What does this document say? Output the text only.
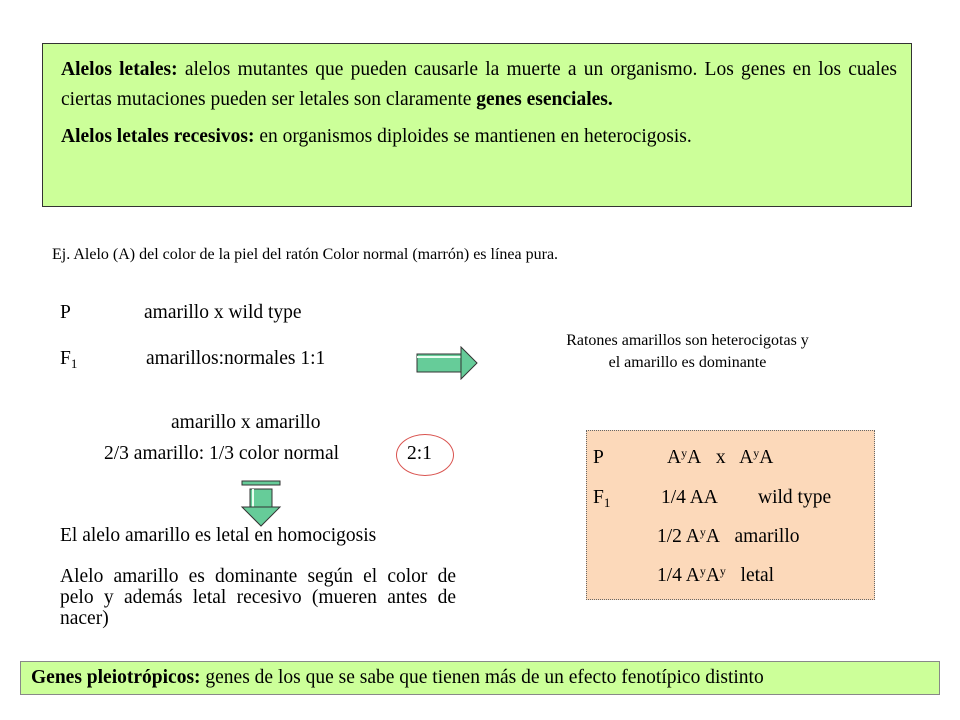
Alelos letales: alelos mutantes que pueden causarle la muerte a un organismo. Los genes en los cuales ciertas mutaciones pueden ser letales son claramente genes esenciales.

Alelos letales recesivos: en organismos diploides se mantienen en heterocigosis.

Ej. Alelo (A) del color de la piel del ratón Color normal (marrón) es línea pura.
P	amarillo x wild type
$F_1$	amarillos:normales 1:1
Ratones amarillos son heterocigotas y
el amarillo es dominante
amarillo x amarillo
2/3 amarillo: 1/3 color normal	2:1
El alelo amarillo es letal en homocigosis
Alelo amarillo es dominante según el color de pelo y además letal recesivo (mueren antes de nacer)
P	$A^yA$ x $A^yA$
$F_1$	1/4 AA wild type
1/2 $A^yA$ amarillo
1/4 $A^yA^y$ letal
Genes pleiotrópicos: genes de los que se sabe que tienen más de un efecto fenotípico distinto
